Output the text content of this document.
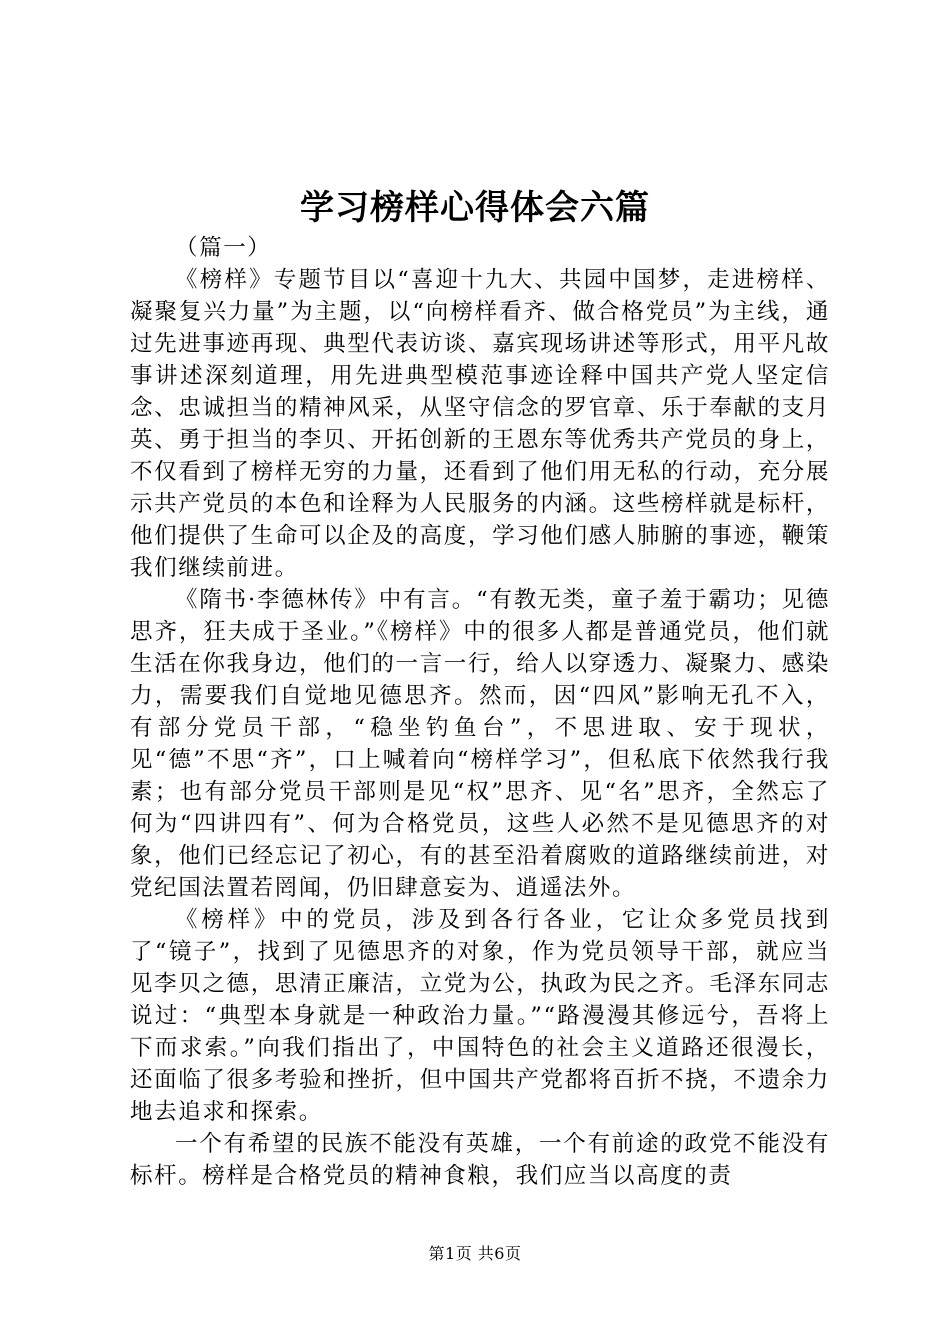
学习榜样心得体会六篇

（篇一）

《榜样》专题节目以“喜迎十九大、共园中国梦，走进榜样、凝聚复兴力量”为主题，以“向榜样看齐、做合格党员”为主线，通过先进事迹再现、典型代表访谈、嘉宾现场讲述等形式，用平凡故事讲述深刻道理，用先进典型模范事迹诠释中国共产党人坚定信念、忠诚担当的精神风采，从坚守信念的罗官章、乐于奉献的支月英、勇于担当的李贝、开拓创新的王恩东等优秀共产党员的身上，不仅看到了榜样无穷的力量，还看到了他们用无私的行动，充分展示共产党员的本色和诠释为人民服务的内涵。这些榜样就是标杆，他们提供了生命可以企及的高度，学习他们感人肺腑的事迹，鞭策我们继续前进。

《隋书·李德林传》中有言。“有教无类，童子羞于霸功；见德思齐，狂夫成于圣业。”《榜样》中的很多人都是普通党员，他们就生活在你我身边，他们的一言一行，给人以穿透力、凝聚力、感染力，需要我们自觉地见德思齐。然而，因“四风”影响无孔不入，有部分党员干部，“稳坐钓鱼台”，不思进取、安于现状，见“德”不思“齐”，口上喊着向“榜样学习”，但私底下依然我行我素；也有部分党员干部则是见“权”思齐、见“名”思齐，全然忘了何为“四讲四有”、何为合格党员，这些人必然不是见德思齐的对象，他们已经忘记了初心，有的甚至沿着腐败的道路继续前进，对党纪国法置若罔闻，仍旧肆意妄为、逍遥法外。

《榜样》中的党员，涉及到各行各业，它让众多党员找到了“镜子”，找到了见德思齐的对象，作为党员领导干部，就应当见李贝之德，思清正廉洁，立党为公，执政为民之齐。毛泽东同志说过：“典型本身就是一种政治力量。”“路漫漫其修远兮，吾将上下而求索。”向我们指出了，中国特色的社会主义道路还很漫长，还面临了很多考验和挫折，但中国共产党都将百折不挠，不遗余力地去追求和探索。

一个有希望的民族不能没有英雄，一个有前途的政党不能没有标杆。榜样是合格党员的精神食粮，我们应当以高度的责

第1页 共6页
